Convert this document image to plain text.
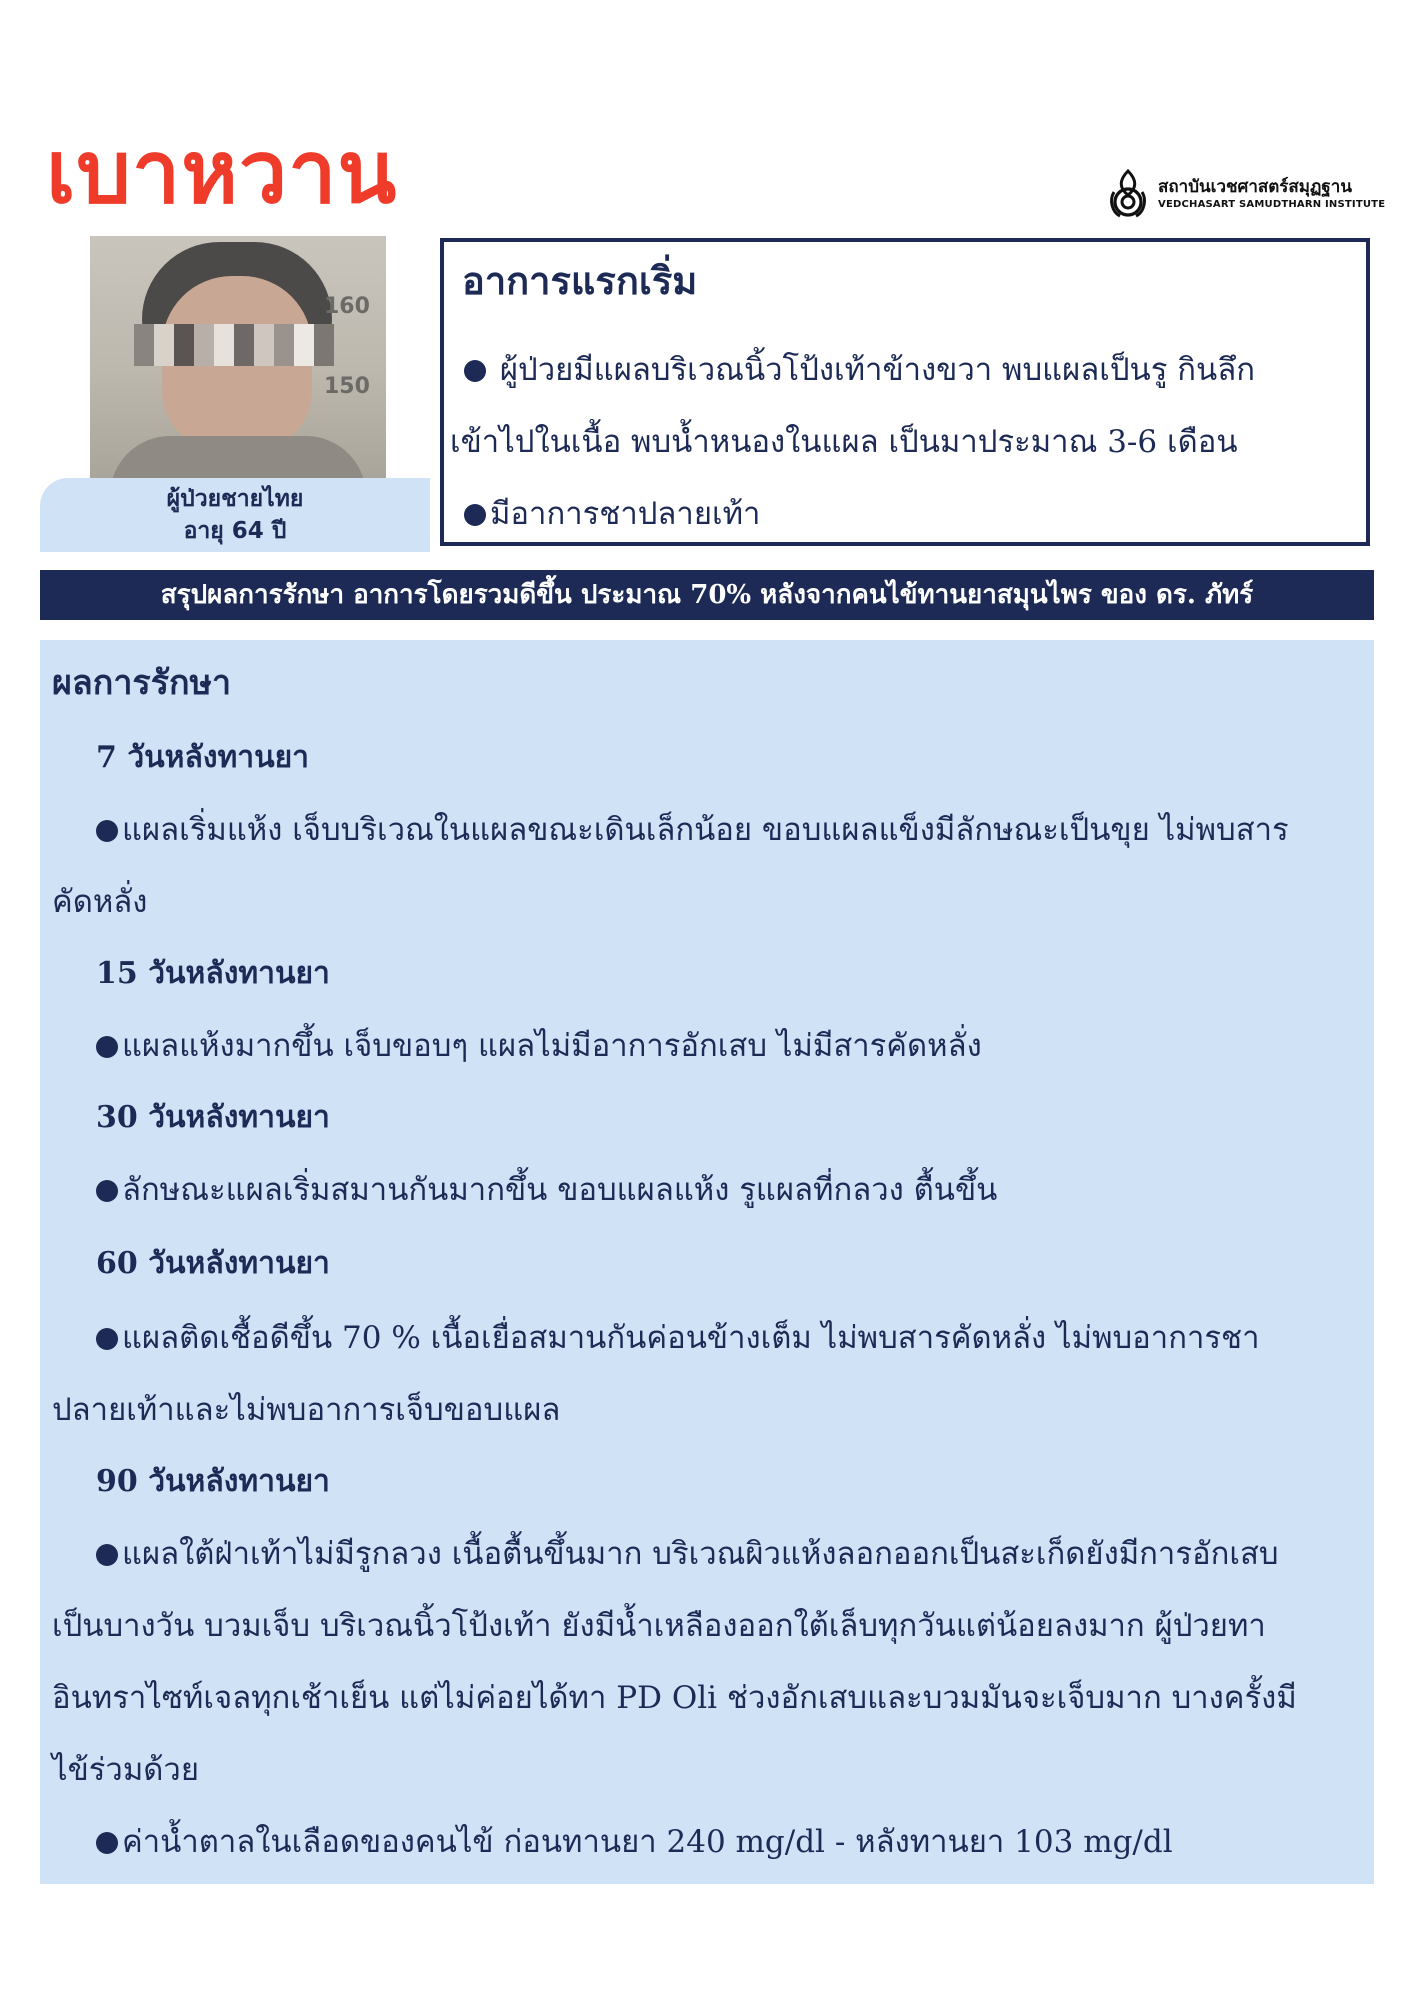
เบาหวาน	สถาบันเวชศาสตร์สมุฏฐาน
VEDCHASART SAMUDTHARN INSTITUTE
160
150
ผู้ป่วยชายไทย
อายุ 64 ปี
อาการแรกเริ่ม
ผู้ป่วยมีแผลบริเวณนิ้วโป้งเท้าข้างขวา พบแผลเป็นรู กินลึก
เข้าไปในเนื้อ พบน้ำหนองในแผล เป็นมาประมาณ 3-6 เดือน
มีอาการชาปลายเท้า
สรุปผลการรักษา อาการโดยรวมดีขึ้น ประมาณ 70% หลังจากคนไข้ทานยาสมุนไพร ของ ดร. ภัทร์
ผลการรักษา
7 วันหลังทานยา
แผลเริ่มแห้ง เจ็บบริเวณในแผลขณะเดินเล็กน้อย ขอบแผลแข็งมีลักษณะเป็นขุย ไม่พบสาร
คัดหลั่ง
15 วันหลังทานยา
แผลแห้งมากขึ้น เจ็บขอบๆ แผลไม่มีอาการอักเสบ ไม่มีสารคัดหลั่ง
30 วันหลังทานยา
ลักษณะแผลเริ่มสมานกันมากขึ้น ขอบแผลแห้ง รูแผลที่กลวง ตื้นขึ้น
60 วันหลังทานยา
แผลติดเชื้อดีขึ้น 70 % เนื้อเยื่อสมานกันค่อนข้างเต็ม ไม่พบสารคัดหลั่ง ไม่พบอาการชา
ปลายเท้าและไม่พบอาการเจ็บขอบแผล
90 วันหลังทานยา
แผลใต้ฝ่าเท้าไม่มีรูกลวง เนื้อตื้นขึ้นมาก บริเวณผิวแห้งลอกออกเป็นสะเก็ดยังมีการอักเสบ
เป็นบางวัน บวมเจ็บ บริเวณนิ้วโป้งเท้า ยังมีน้ำเหลืองออกใต้เล็บทุกวันแต่น้อยลงมาก ผู้ป่วยทา
อินทราไซท์เจลทุกเช้าเย็น แต่ไม่ค่อยได้ทา PD Oli ช่วงอักเสบและบวมมันจะเจ็บมาก บางครั้งมี
ไข้ร่วมด้วย
ค่าน้ำตาลในเลือดของคนไข้ ก่อนทานยา 240 mg/dl - หลังทานยา 103 mg/dl
